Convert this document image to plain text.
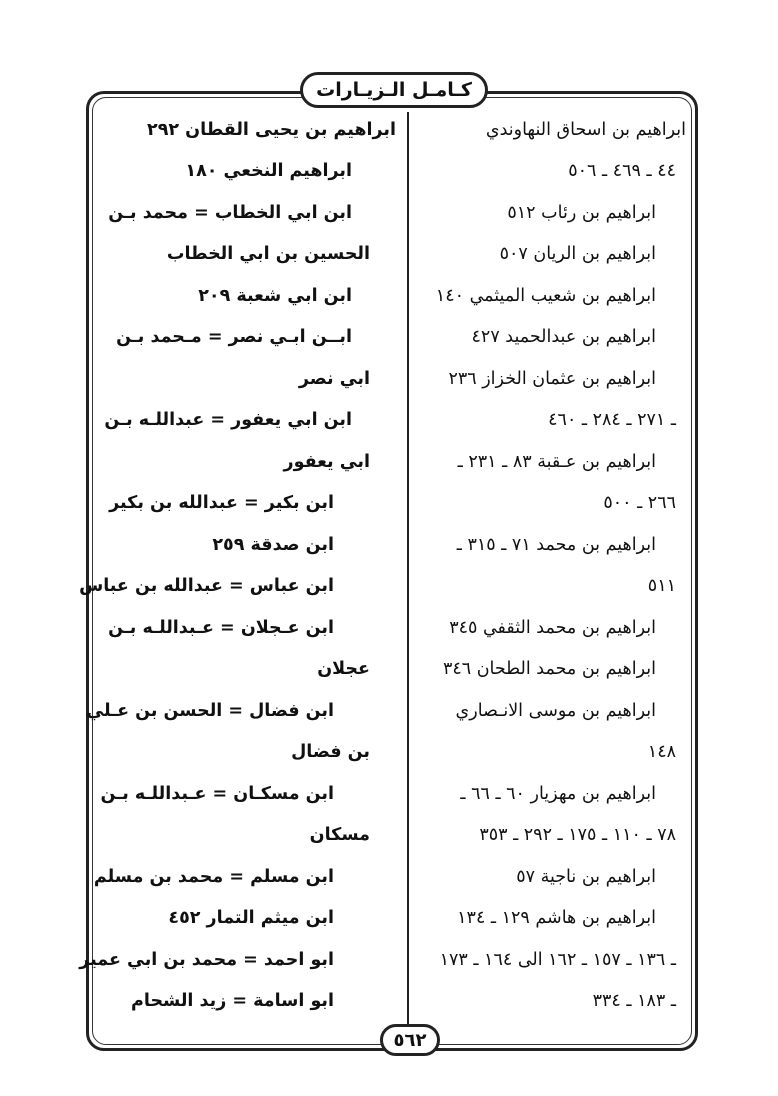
كـامـل الـزيـارات
ابراهيم بن اسحاق النهاوندي
٤٤ ـ ٤٦٩ ـ ٥٠٦
ابراهيم بن رئاب ٥١٢
ابراهيم بن الريان ٥٠٧
ابراهيم بن شعيب الميثمي ١٤٠
ابراهيم بن عبدالحميد ٤٢٧
ابراهيم بن عثمان الخزاز ٢٣٦
ـ ٢٧١ ـ ٢٨٤ ـ ٤٦٠
ابراهيم بن عـقبة ٨٣ ـ ٢٣١ ـ
٢٦٦ ـ ٥٠٠
ابراهيم بن محمد ٧١ ـ ٣١٥ ـ
٥١١
ابراهيم بن محمد الثقفي ٣٤٥
ابراهيم بن محمد الطحان ٣٤٦
ابراهيم بن موسى الانـصاري
١٤٨
ابراهيم بن مهزيار ٦٠ ـ ٦٦ ـ
٧٨ ـ ١١٠ ـ ١٧٥ ـ ٢٩٢ ـ ٣٥٣
ابراهيم بن ناجية ٥٧
ابراهيم بن هاشم ١٢٩ ـ ١٣٤
ـ ١٣٦ ـ ١٥٧ ـ ١٦٢ الى ١٦٤ ـ ١٧٣
ـ ١٨٣ ـ ٣٣٤
ابراهيم بن يحيى القطان ٢٩٢
ابراهيم النخعي ١٨٠
ابن ابي الخطاب = محمد بـن
الحسين بن ابي الخطاب
ابن ابي شعبة ٢٠٩
ابــن ابـي نصر = مـحمد بـن
ابي نصر
ابن ابي يعفور = عبداللـه بـن
ابي يعفور
ابن بكير = عبدالله بن بكير
ابن صدقة ٢٥٩
ابن عباس = عبدالله بن عباس
ابن عـجلان = عـبداللـه بـن
عجلان
ابن فضال = الحسن بن عـلي
بن فضال
ابن مسكـان = عـبداللـه بـن
مسكان
ابن مسلم = محمد بن مسلم
ابن ميثم التمار ٤٥٢
ابو احمد = محمد بن ابي عمير
ابو اسامة = زيد الشحام
٥٦٢
